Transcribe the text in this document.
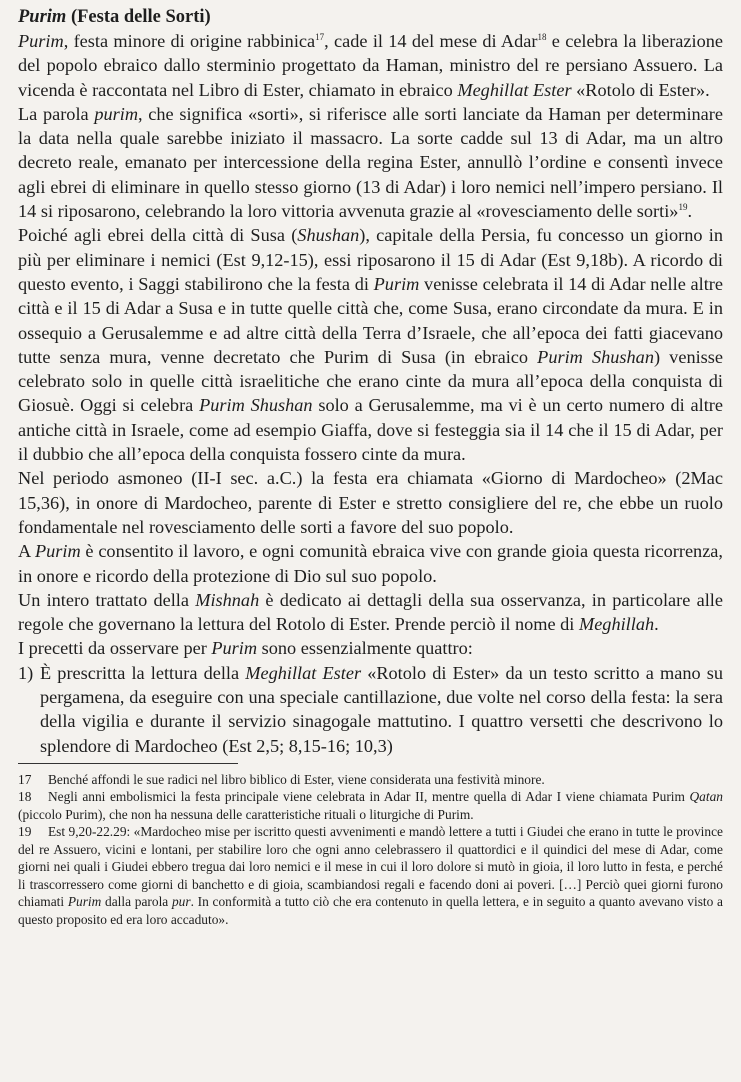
Purim (Festa delle Sorti)

Purim, festa minore di origine rabbinica$^{17}$, cade il 14 del mese di Adar$^{18}$ e celebra la liberazione del popolo ebraico dallo sterminio progettato da Haman, ministro del re persiano Assuero. La vicenda è raccontata nel Libro di Ester, chiamato in ebraico Meghillat Ester «Rotolo di Ester».

La parola purim, che significa «sorti», si riferisce alle sorti lanciate da Haman per determinare la data nella quale sarebbe iniziato il massacro. La sorte cadde sul 13 di Adar, ma un altro decreto reale, emanato per intercessione della regina Ester, annullò l’ordine e consentì invece agli ebrei di eliminare in quello stesso giorno (13 di Adar) i loro nemici nell’impero persiano. Il 14 si riposarono, celebrando la loro vittoria avvenuta grazie al «rovesciamento delle sorti»$^{19}$.

Poiché agli ebrei della città di Susa (Shushan), capitale della Persia, fu concesso un giorno in più per eliminare i nemici (Est 9,12-15), essi riposarono il 15 di Adar (Est 9,18b). A ricordo di questo evento, i Saggi stabilirono che la festa di Purim venisse celebrata il 14 di Adar nelle altre città e il 15 di Adar a Susa e in tutte quelle città che, come Susa, erano circondate da mura. E in ossequio a Gerusalemme e ad altre città della Terra d’Israele, che all’epoca dei fatti giacevano tutte senza mura, venne decretato che Purim di Susa (in ebraico Purim Shushan) venisse celebrato solo in quelle città israelitiche che erano cinte da mura all’epoca della conquista di Giosuè. Oggi si celebra Purim Shushan solo a Gerusalemme, ma vi è un certo numero di altre antiche città in Israele, come ad esempio Giaffa, dove si festeggia sia il 14 che il 15 di Adar, per il dubbio che all’epoca della conquista fossero cinte da mura.

Nel periodo asmoneo (II-I sec. a.C.) la festa era chiamata «Giorno di Mardocheo» (2Mac 15,36), in onore di Mardocheo, parente di Ester e stretto consigliere del re, che ebbe un ruolo fondamentale nel rovesciamento delle sorti a favore del suo popolo.

A Purim è consentito il lavoro, e ogni comunità ebraica vive con grande gioia questa ricorrenza, in onore e ricordo della protezione di Dio sul suo popolo.

Un intero trattato della Mishnah è dedicato ai dettagli della sua osservanza, in particolare alle regole che governano la lettura del Rotolo di Ester. Prende perciò il nome di Meghillah.

I precetti da osservare per Purim sono essenzialmente quattro:

1) È prescritta la lettura della Meghillat Ester «Rotolo di Ester» da un testo scritto a mano su pergamena, da eseguire con una speciale cantillazione, due volte nel corso della festa: la sera della vigilia e durante il servizio sinagogale mattutino. I quattro versetti che descrivono lo splendore di Mardocheo (Est 2,5; 8,15-16; 10,3)

17 Benché affondi le sue radici nel libro biblico di Ester, viene considerata una festività minore.

18 Negli anni embolismici la festa principale viene celebrata in Adar II, mentre quella di Adar I viene chiamata Purim Qatan (piccolo Purim), che non ha nessuna delle caratteristiche rituali o liturgiche di Purim.

19 Est 9,20-22.29: «Mardocheo mise per iscritto questi avvenimenti e mandò lettere a tutti i Giudei che erano in tutte le province del re Assuero, vicini e lontani, per stabilire loro che ogni anno celebrassero il quattordici e il quindici del mese di Adar, come giorni nei quali i Giudei ebbero tregua dai loro nemici e il mese in cui il loro dolore si mutò in gioia, il loro lutto in festa, e perché li trascorressero come giorni di banchetto e di gioia, scambiandosi regali e facendo doni ai poveri. […] Perciò quei giorni furono chiamati Purim dalla parola pur. In conformità a tutto ciò che era contenuto in quella lettera, e in seguito a quanto avevano visto a questo proposito ed era loro accaduto».
